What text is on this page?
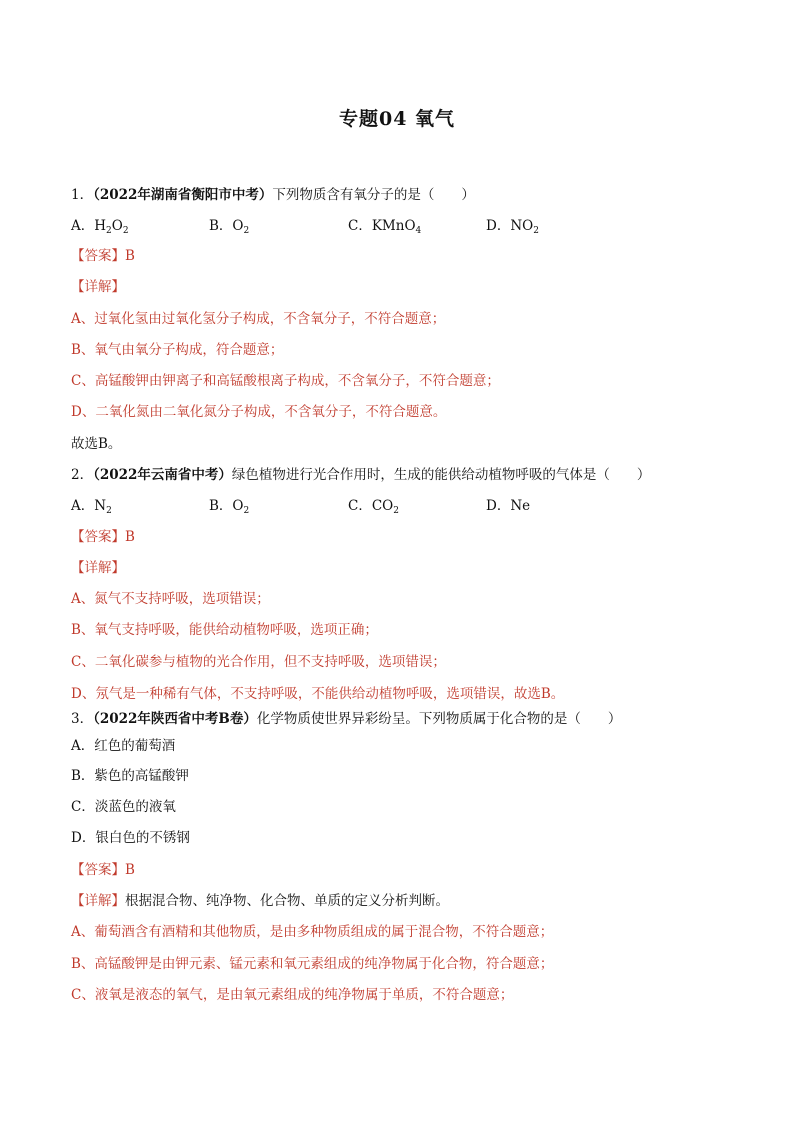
专题04 氧气
1．（2022年湖南省衡阳市中考）下列物质含有氧分子的是（　　）
A．$H_2O_2$	B．$O_2$	C．KMnO$_4$	D．$NO_2$
【答案】B
【详解】
A、过氧化氢由过氧化氢分子构成，不含氧分子，不符合题意；
B、氧气由氧分子构成，符合题意；
C、高锰酸钾由钾离子和高锰酸根离子构成，不含氧分子，不符合题意；
D、二氧化氮由二氧化氮分子构成，不含氧分子，不符合题意。
故选B。
2．（2022年云南省中考）绿色植物进行光合作用时，生成的能供给动植物呼吸的气体是（　　）
A．$N_2$	B．$O_2$	C．$CO_2$	D．Ne
【答案】B
【详解】
A、氮气不支持呼吸，选项错误；
B、氧气支持呼吸，能供给动植物呼吸，选项正确；
C、二氧化碳参与植物的光合作用，但不支持呼吸，选项错误；
D、氖气是一种稀有气体，不支持呼吸，不能供给动植物呼吸，选项错误，故选B。
3．（2022年陕西省中考B卷）化学物质使世界异彩纷呈。下列物质属于化合物的是（　　）
A．红色的葡萄酒
B．紫色的高锰酸钾
C．淡蓝色的液氧
D．银白色的不锈钢
【答案】B
【详解】根据混合物、纯净物、化合物、单质的定义分析判断。
A、葡萄酒含有酒精和其他物质，是由多种物质组成的属于混合物，不符合题意；
B、高锰酸钾是由钾元素、锰元素和氧元素组成的纯净物属于化合物，符合题意；
C、液氧是液态的氧气，是由氧元素组成的纯净物属于单质，不符合题意；
